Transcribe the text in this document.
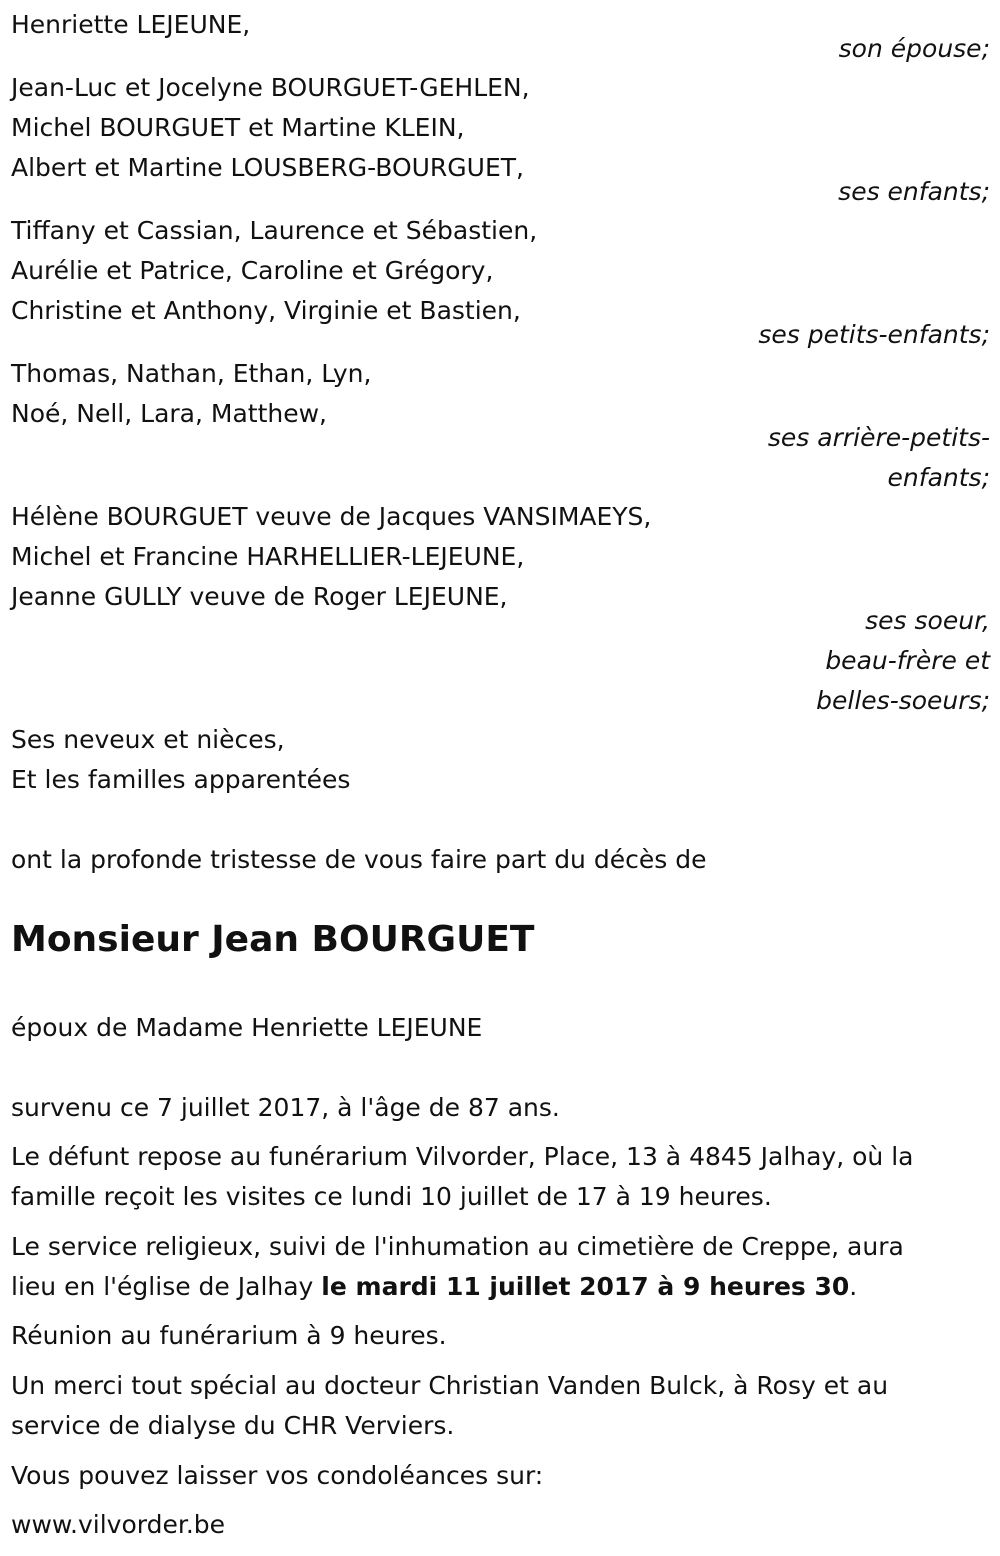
Henriette LEJEUNE,
son épouse;
Jean-Luc et Jocelyne BOURGUET-GEHLEN,
Michel BOURGUET et Martine KLEIN,
Albert et Martine LOUSBERG-BOURGUET,
ses enfants;
Tiffany et Cassian, Laurence et Sébastien,
Aurélie et Patrice, Caroline et Grégory,
Christine et Anthony, Virginie et Bastien,
ses petits-enfants;
Thomas, Nathan, Ethan, Lyn,
Noé, Nell, Lara, Matthew,
ses arrière-petits-
enfants;
Hélène BOURGUET veuve de Jacques VANSIMAEYS,
Michel et Francine HARHELLIER-LEJEUNE,
Jeanne GULLY veuve de Roger LEJEUNE,
ses soeur,
beau-frère et
belles-soeurs;
Ses neveux et nièces,
Et les familles apparentées
ont la profonde tristesse de vous faire part du décès de
Monsieur Jean BOURGUET
époux de Madame Henriette LEJEUNE
survenu ce 7 juillet 2017, à l'âge de 87 ans.
Le défunt repose au funérarium Vilvorder, Place, 13 à 4845 Jalhay, où la
famille reçoit les visites ce lundi 10 juillet de 17 à 19 heures.
Le service religieux, suivi de l'inhumation au cimetière de Creppe, aura
lieu en l'église de Jalhay le mardi 11 juillet 2017 à 9 heures 30.
Réunion au funérarium à 9 heures.
Un merci tout spécial au docteur Christian Vanden Bulck, à Rosy et au
service de dialyse du CHR Verviers.
Vous pouvez laisser vos condoléances sur:
www.vilvorder.be
